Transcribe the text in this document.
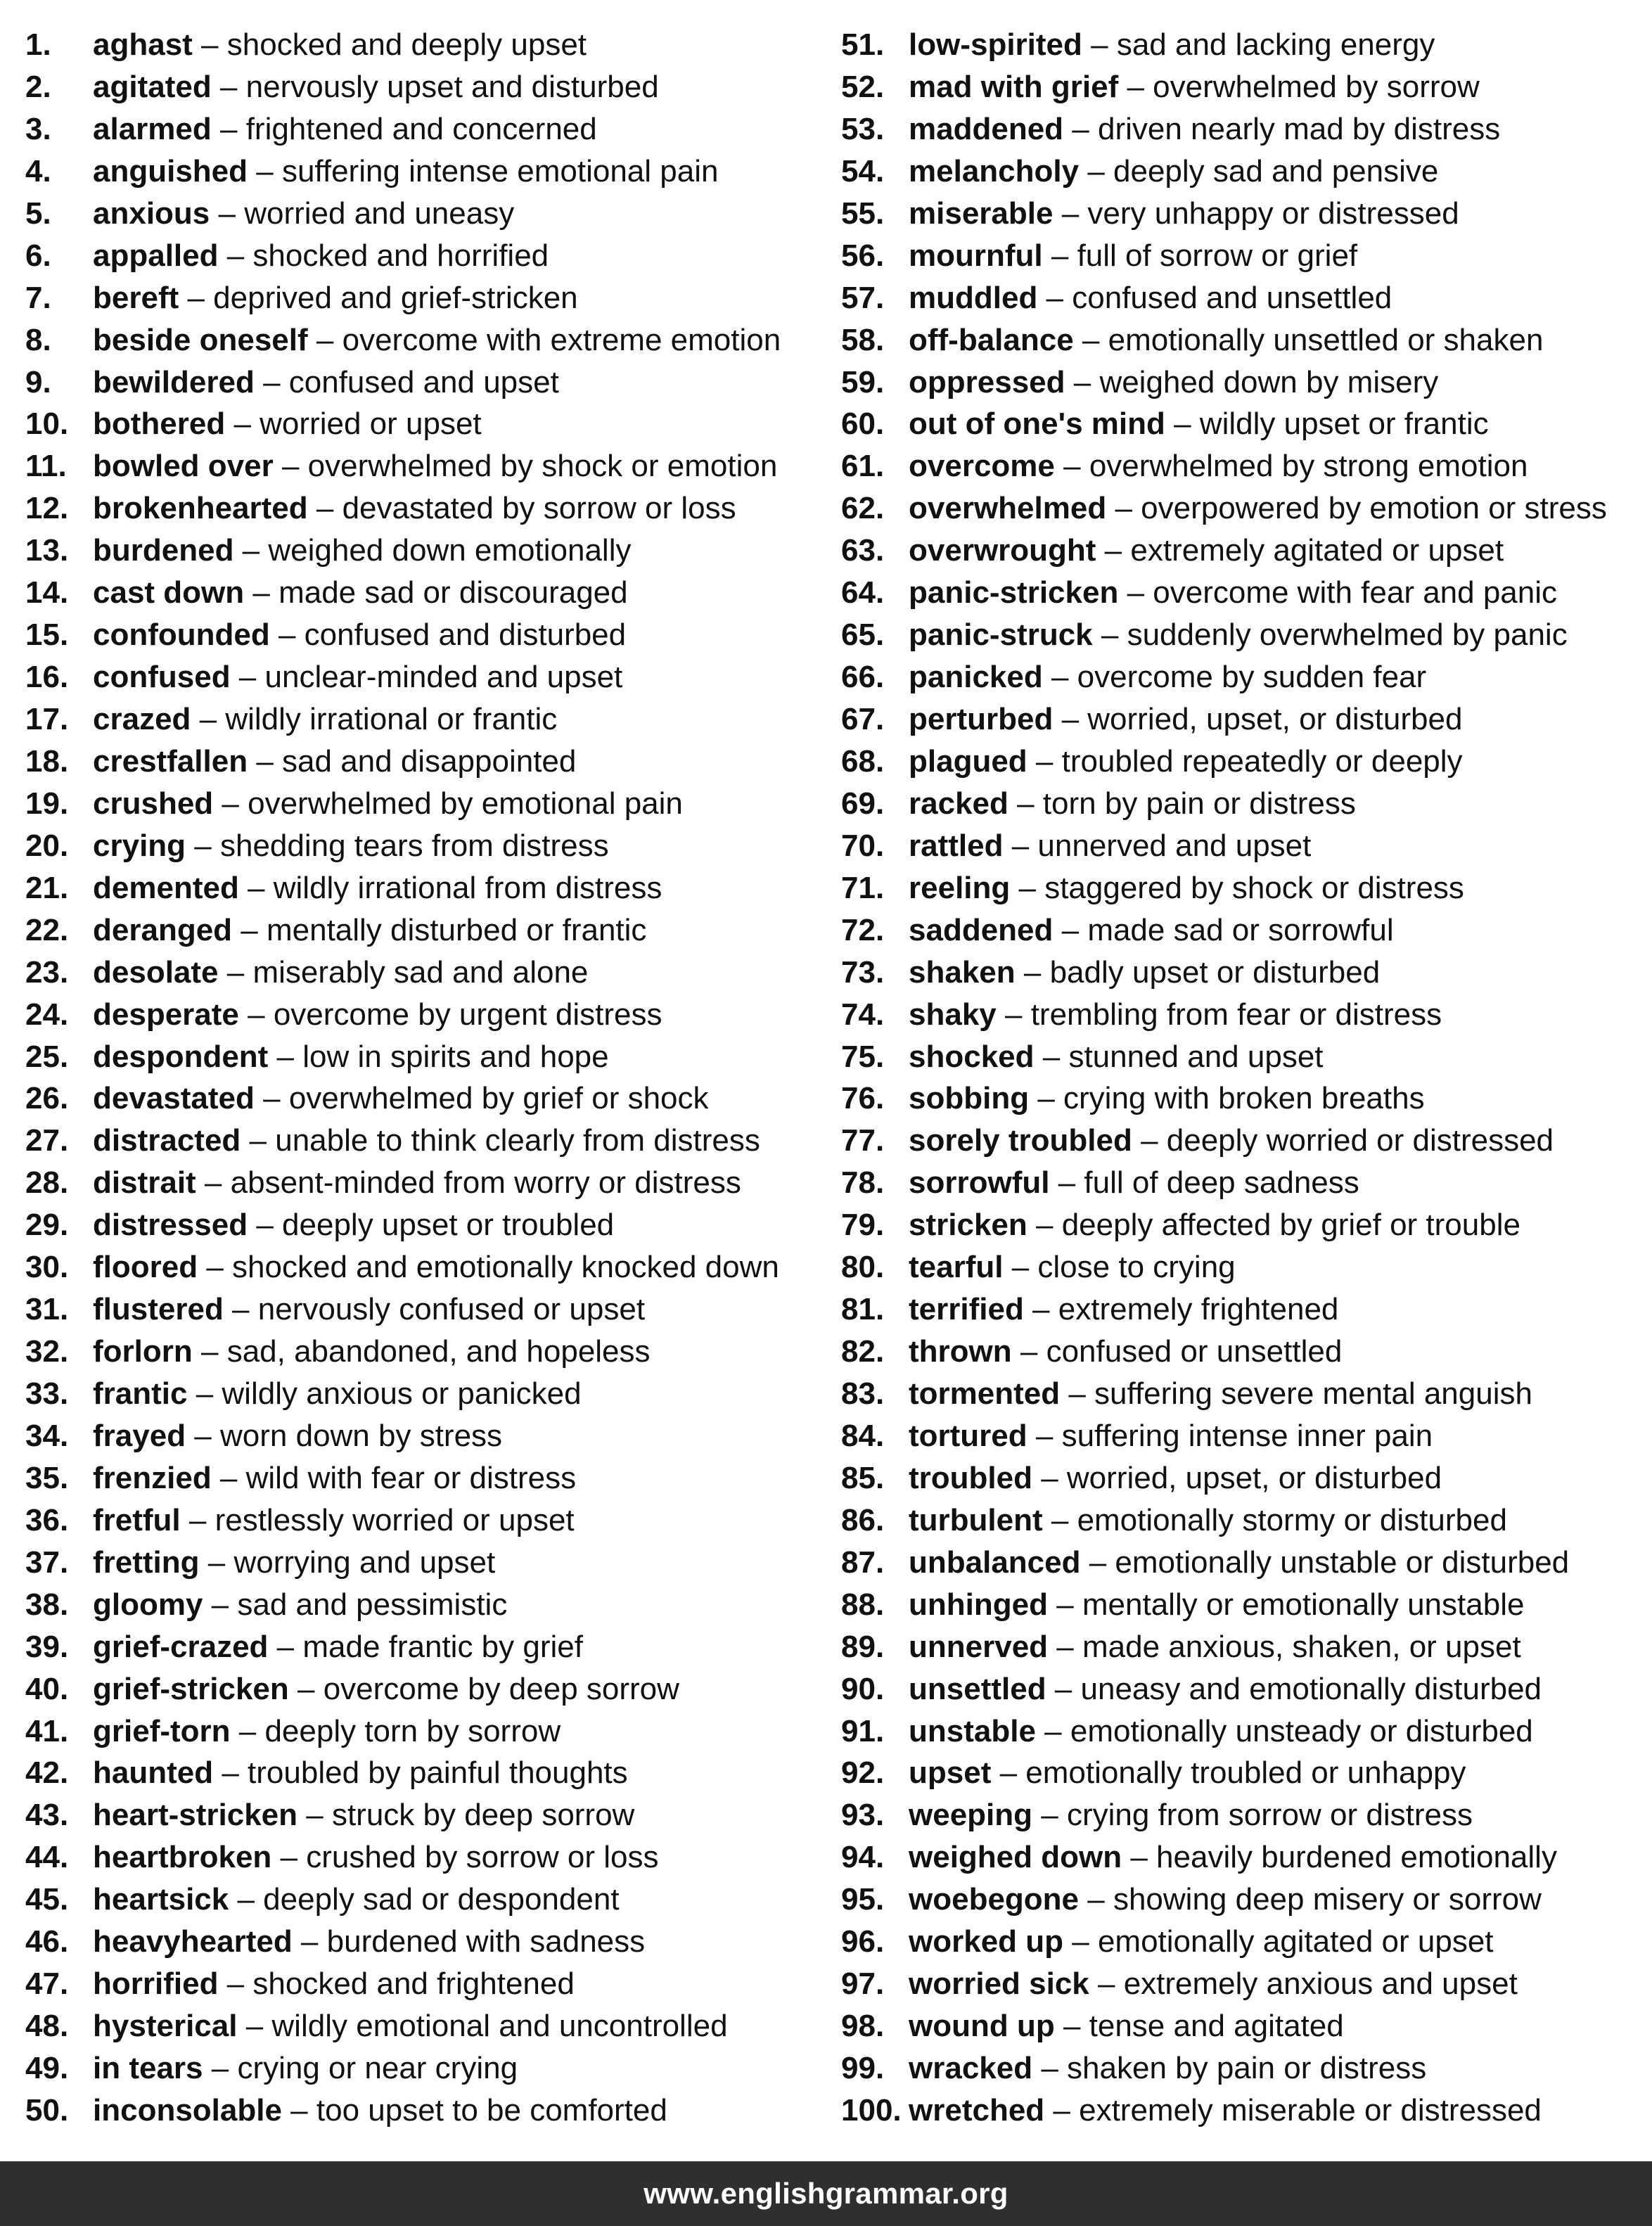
1.	aghast – shocked and deeply upset
2.	agitated – nervously upset and disturbed
3.	alarmed – frightened and concerned
4.	anguished – suffering intense emotional pain
5.	anxious – worried and uneasy
6.	appalled – shocked and horrified
7.	bereft – deprived and grief-stricken
8.	beside oneself – overcome with extreme emotion
9.	bewildered – confused and upset
10. bothered – worried or upset
11. bowled over – overwhelmed by shock or emotion
12. brokenhearted – devastated by sorrow or loss
13. burdened – weighed down emotionally
14. cast down – made sad or discouraged
15. confounded – confused and disturbed
16. confused – unclear-minded and upset
17. crazed – wildly irrational or frantic
18. crestfallen – sad and disappointed
19. crushed – overwhelmed by emotional pain
20. crying – shedding tears from distress
21. demented – wildly irrational from distress
22. deranged – mentally disturbed or frantic
23. desolate – miserably sad and alone
24. desperate – overcome by urgent distress
25. despondent – low in spirits and hope
26. devastated – overwhelmed by grief or shock
27. distracted – unable to think clearly from distress
28. distrait – absent-minded from worry or distress
29. distressed – deeply upset or troubled
30. floored – shocked and emotionally knocked down
31. flustered – nervously confused or upset
32. forlorn – sad, abandoned, and hopeless
33. frantic – wildly anxious or panicked
34. frayed – worn down by stress
35. frenzied – wild with fear or distress
36. fretful – restlessly worried or upset
37. fretting – worrying and upset
38. gloomy – sad and pessimistic
39. grief-crazed – made frantic by grief
40. grief-stricken – overcome by deep sorrow
41. grief-torn – deeply torn by sorrow
42. haunted – troubled by painful thoughts
43. heart-stricken – struck by deep sorrow
44. heartbroken – crushed by sorrow or loss
45. heartsick – deeply sad or despondent
46. heavyhearted – burdened with sadness
47. horrified – shocked and frightened
48. hysterical – wildly emotional and uncontrolled
49. in tears – crying or near crying
50. inconsolable – too upset to be comforted
51. low-spirited – sad and lacking energy
52. mad with grief – overwhelmed by sorrow
53. maddened – driven nearly mad by distress
54. melancholy – deeply sad and pensive
55. miserable – very unhappy or distressed
56. mournful – full of sorrow or grief
57. muddled – confused and unsettled
58. off-balance – emotionally unsettled or shaken
59. oppressed – weighed down by misery
60. out of one's mind – wildly upset or frantic
61. overcome – overwhelmed by strong emotion
62. overwhelmed – overpowered by emotion or stress
63. overwrought – extremely agitated or upset
64. panic-stricken – overcome with fear and panic
65. panic-struck – suddenly overwhelmed by panic
66. panicked – overcome by sudden fear
67. perturbed – worried, upset, or disturbed
68. plagued – troubled repeatedly or deeply
69. racked – torn by pain or distress
70. rattled – unnerved and upset
71. reeling – staggered by shock or distress
72. saddened – made sad or sorrowful
73. shaken – badly upset or disturbed
74. shaky – trembling from fear or distress
75. shocked – stunned and upset
76. sobbing – crying with broken breaths
77. sorely troubled – deeply worried or distressed
78. sorrowful – full of deep sadness
79. stricken – deeply affected by grief or trouble
80. tearful – close to crying
81. terrified – extremely frightened
82. thrown – confused or unsettled
83. tormented – suffering severe mental anguish
84. tortured – suffering intense inner pain
85. troubled – worried, upset, or disturbed
86. turbulent – emotionally stormy or disturbed
87. unbalanced – emotionally unstable or disturbed
88. unhinged – mentally or emotionally unstable
89. unnerved – made anxious, shaken, or upset
90. unsettled – uneasy and emotionally disturbed
91. unstable – emotionally unsteady or disturbed
92. upset – emotionally troubled or unhappy
93. weeping – crying from sorrow or distress
94. weighed down – heavily burdened emotionally
95. woebegone – showing deep misery or sorrow
96. worked up – emotionally agitated or upset
97. worried sick – extremely anxious and upset
98. wound up – tense and agitated
99. wracked – shaken by pain or distress
100. wretched – extremely miserable or distressed
www.englishgrammar.org
